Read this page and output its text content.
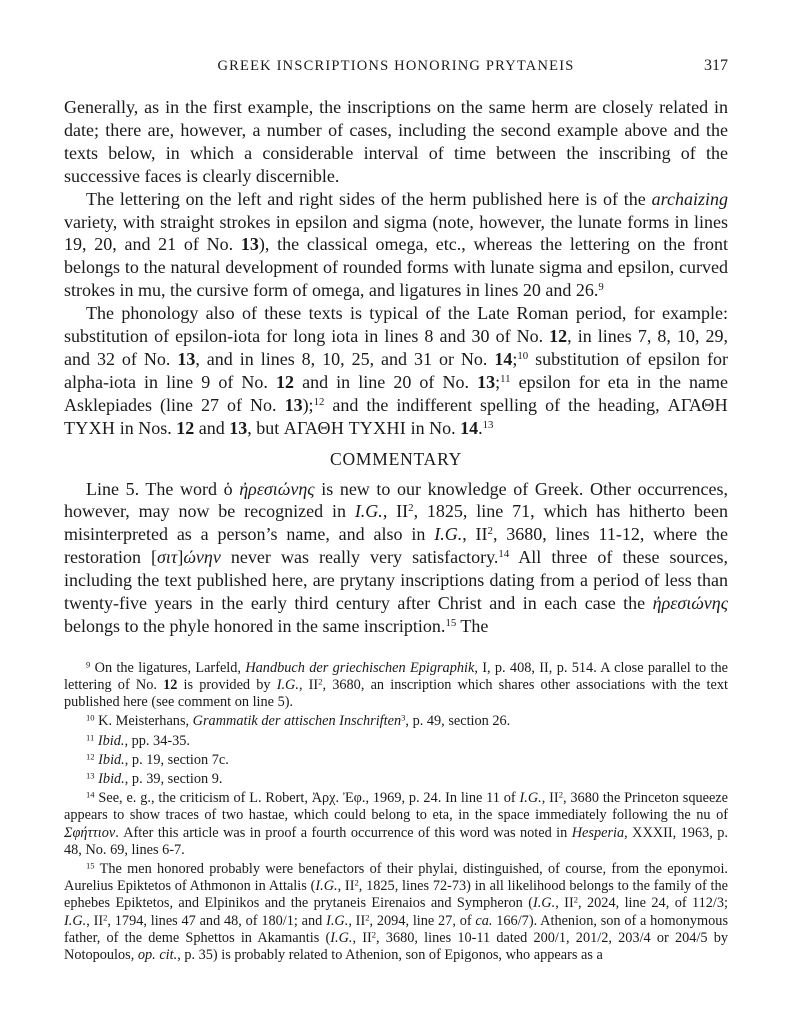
GREEK INSCRIPTIONS HONORING PRYTANEIS	317

Generally, as in the first example, the inscriptions on the same herm are closely related in date; there are, however, a number of cases, including the second example above and the texts below, in which a considerable interval of time between the inscribing of the successive faces is clearly discernible.

The lettering on the left and right sides of the herm published here is of the archaizing variety, with straight strokes in epsilon and sigma (note, however, the lunate forms in lines 19, 20, and 21 of No. 13), the classical omega, etc., whereas the lettering on the front belongs to the natural development of rounded forms with lunate sigma and epsilon, curved strokes in mu, the cursive form of omega, and ligatures in lines 20 and 26.$^9$

The phonology also of these texts is typical of the Late Roman period, for example: substitution of epsilon-iota for long iota in lines 8 and 30 of No. 12, in lines 7, 8, 10, 29, and 32 of No. 13, and in lines 8, 10, 25, and 31 or No. 14;$^{10}$ substitution of epsilon for alpha-iota in line 9 of No. 12 and in line 20 of No. 13;$^{11}$ epsilon for eta in the name Asklepiades (line 27 of No. 13);$^{12}$ and the indifferent spelling of the heading, ΑΓΑΘΗ ΤΥΧΗ in Nos. 12 and 13, but ΑΓΑΘΗ ΤΥΧΗΙ in No. 14.13

COMMENTARY

Line 5. The word ὁ ἠρεσιώνης is new to our knowledge of Greek. Other occurrences, however, may now be recognized in I.G., $II^2$, 1825, line 71, which has hitherto been misinterpreted as a person’s name, and also in I.G., $II^2$, 3680, lines 11-12, where the restoration [σιτ]ώνην never was really very satisfactory.$^{14}$ All three of these sources, including the text published here, are prytany inscriptions dating from a period of less than twenty-five years in the early third century after Christ and in each case the ἠρεσιώνης belongs to the phyle honored in the same inscription.$^{15}$ The

$^9$ On the ligatures, Larfeld, Handbuch der griechischen Epigraphik, I, p. 408, II, p. 514. A close parallel to the lettering of No. 12 is provided by I.G., $II^2$, 3680, an inscription which shares other associations with the text published here (see comment on line 5).

$^{10}$ K. Meisterhans, Grammatik der attischen Inschriften$^3$, p. 49, section 26.

$^{11}$ Ibid., pp. 34-35.

$^{12}$ Ibid., p. 19, section 7c.

$^{13}$ Ibid., p. 39, section 9.

$^{14}$ See, e. g., the criticism of L. Robert, Ἀρχ. Ἐφ., 1969, p. 24. In line 11 of I.G., $II^2$, 3680 the Princeton squeeze appears to show traces of two hastae, which could belong to eta, in the space immediately following the nu of Σφήττιον. After this article was in proof a fourth occurrence of this word was noted in Hesperia, XXXII, 1963, p. 48, No. 69, lines 6-7.

$^{15}$ The men honored probably were benefactors of their phylai, distinguished, of course, from the eponymoi. Aurelius Epiktetos of Athmonon in Attalis (I.G., $II^2$, 1825, lines 72-73) in all likelihood belongs to the family of the ephebes Epiktetos, and Elpinikos and the prytaneis Eirenaios and Sympheron (I.G., $II^2$, 2024, line 24, of 112/3; I.G., $II^2$, 1794, lines 47 and 48, of 180/1; and I.G., $II^2$, 2094, line 27, of ca. 166/7). Athenion, son of a homonymous father, of the deme Sphettos in Akamantis (I.G., $II^2$, 3680, lines 10-11 dated 200/1, 201/2, 203/4 or 204/5 by Notopoulos, op. cit., p. 35) is probably related to Athenion, son of Epigonos, who appears as a
